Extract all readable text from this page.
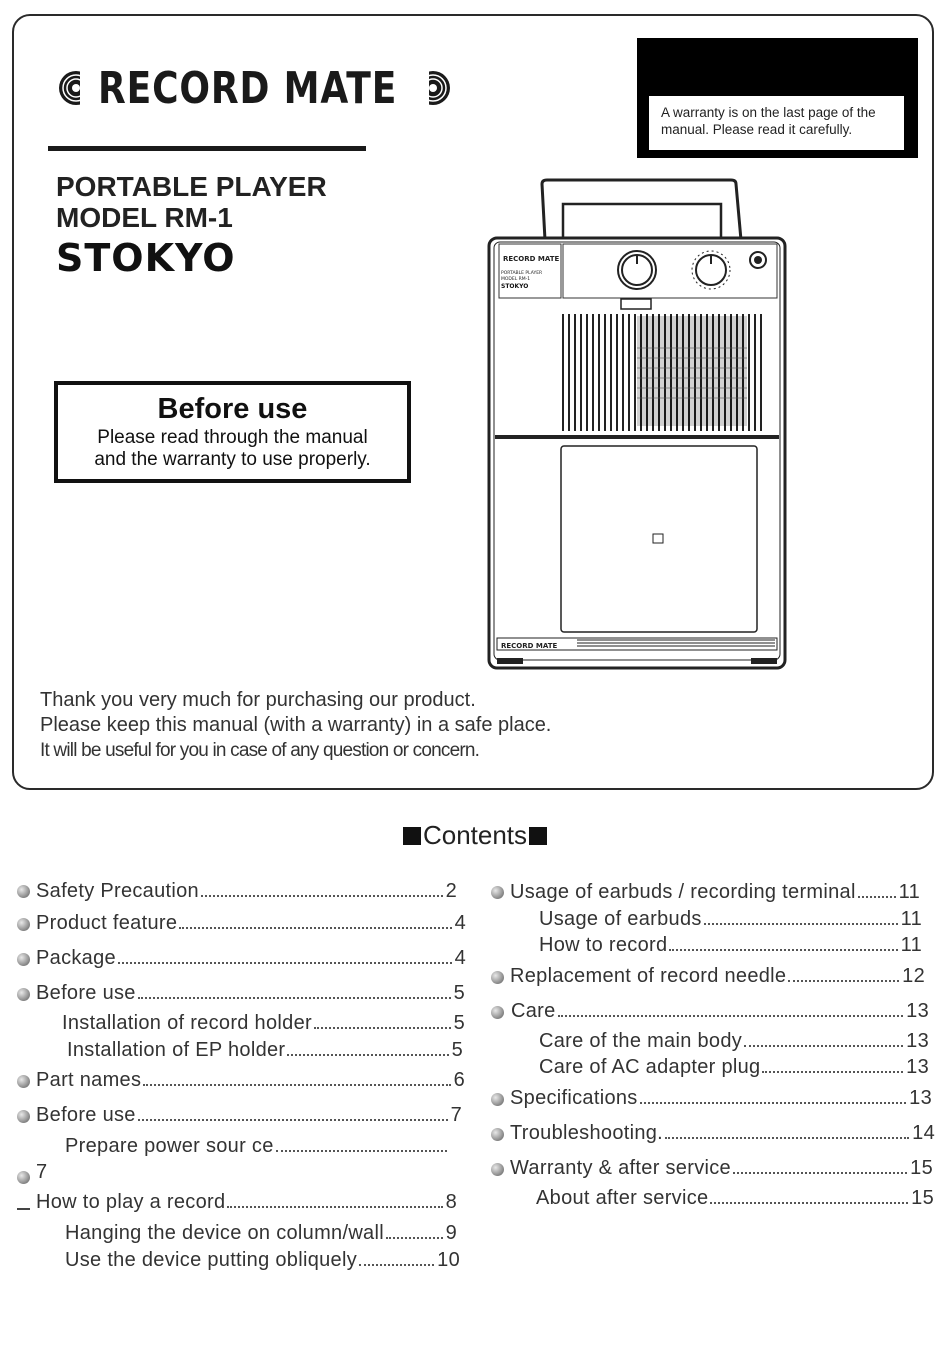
RECORD MATE
PORTABLE PLAYER
MODEL RM-1
STOKYO
A warranty is on the last page of the
manual. Please read it carefully.
Before use
Please read through the manual
and the warranty to use properly.
RECORD MATE
PORTABLE PLAYER
MODEL RM-1
STOKYO
RECORD MATE
Thank you very much for purchasing our product.
Please keep this manual (with a warranty) in a safe place.
It will be useful for you in case of any question or concern.
Contents
Safety Precaution	2
Product feature	4
Package	4
Before use	5
Installation of record holder	5
Installation of EP holder	5
Part names	6
Before use	7
Prepare power sour ce
7
How to play a record	8
Hanging the device on column/wall	9
Use the device putting obliquely	10
Usage of earbuds / recording terminal 11
Usage of earbuds	11
How to record	11
Replacement of record needle	12
Care	13
Care of the main body	13
Care of AC adapter plug	13
Specifications	13
Troubleshooting.	14
Warranty & after service	15
About after service	15
